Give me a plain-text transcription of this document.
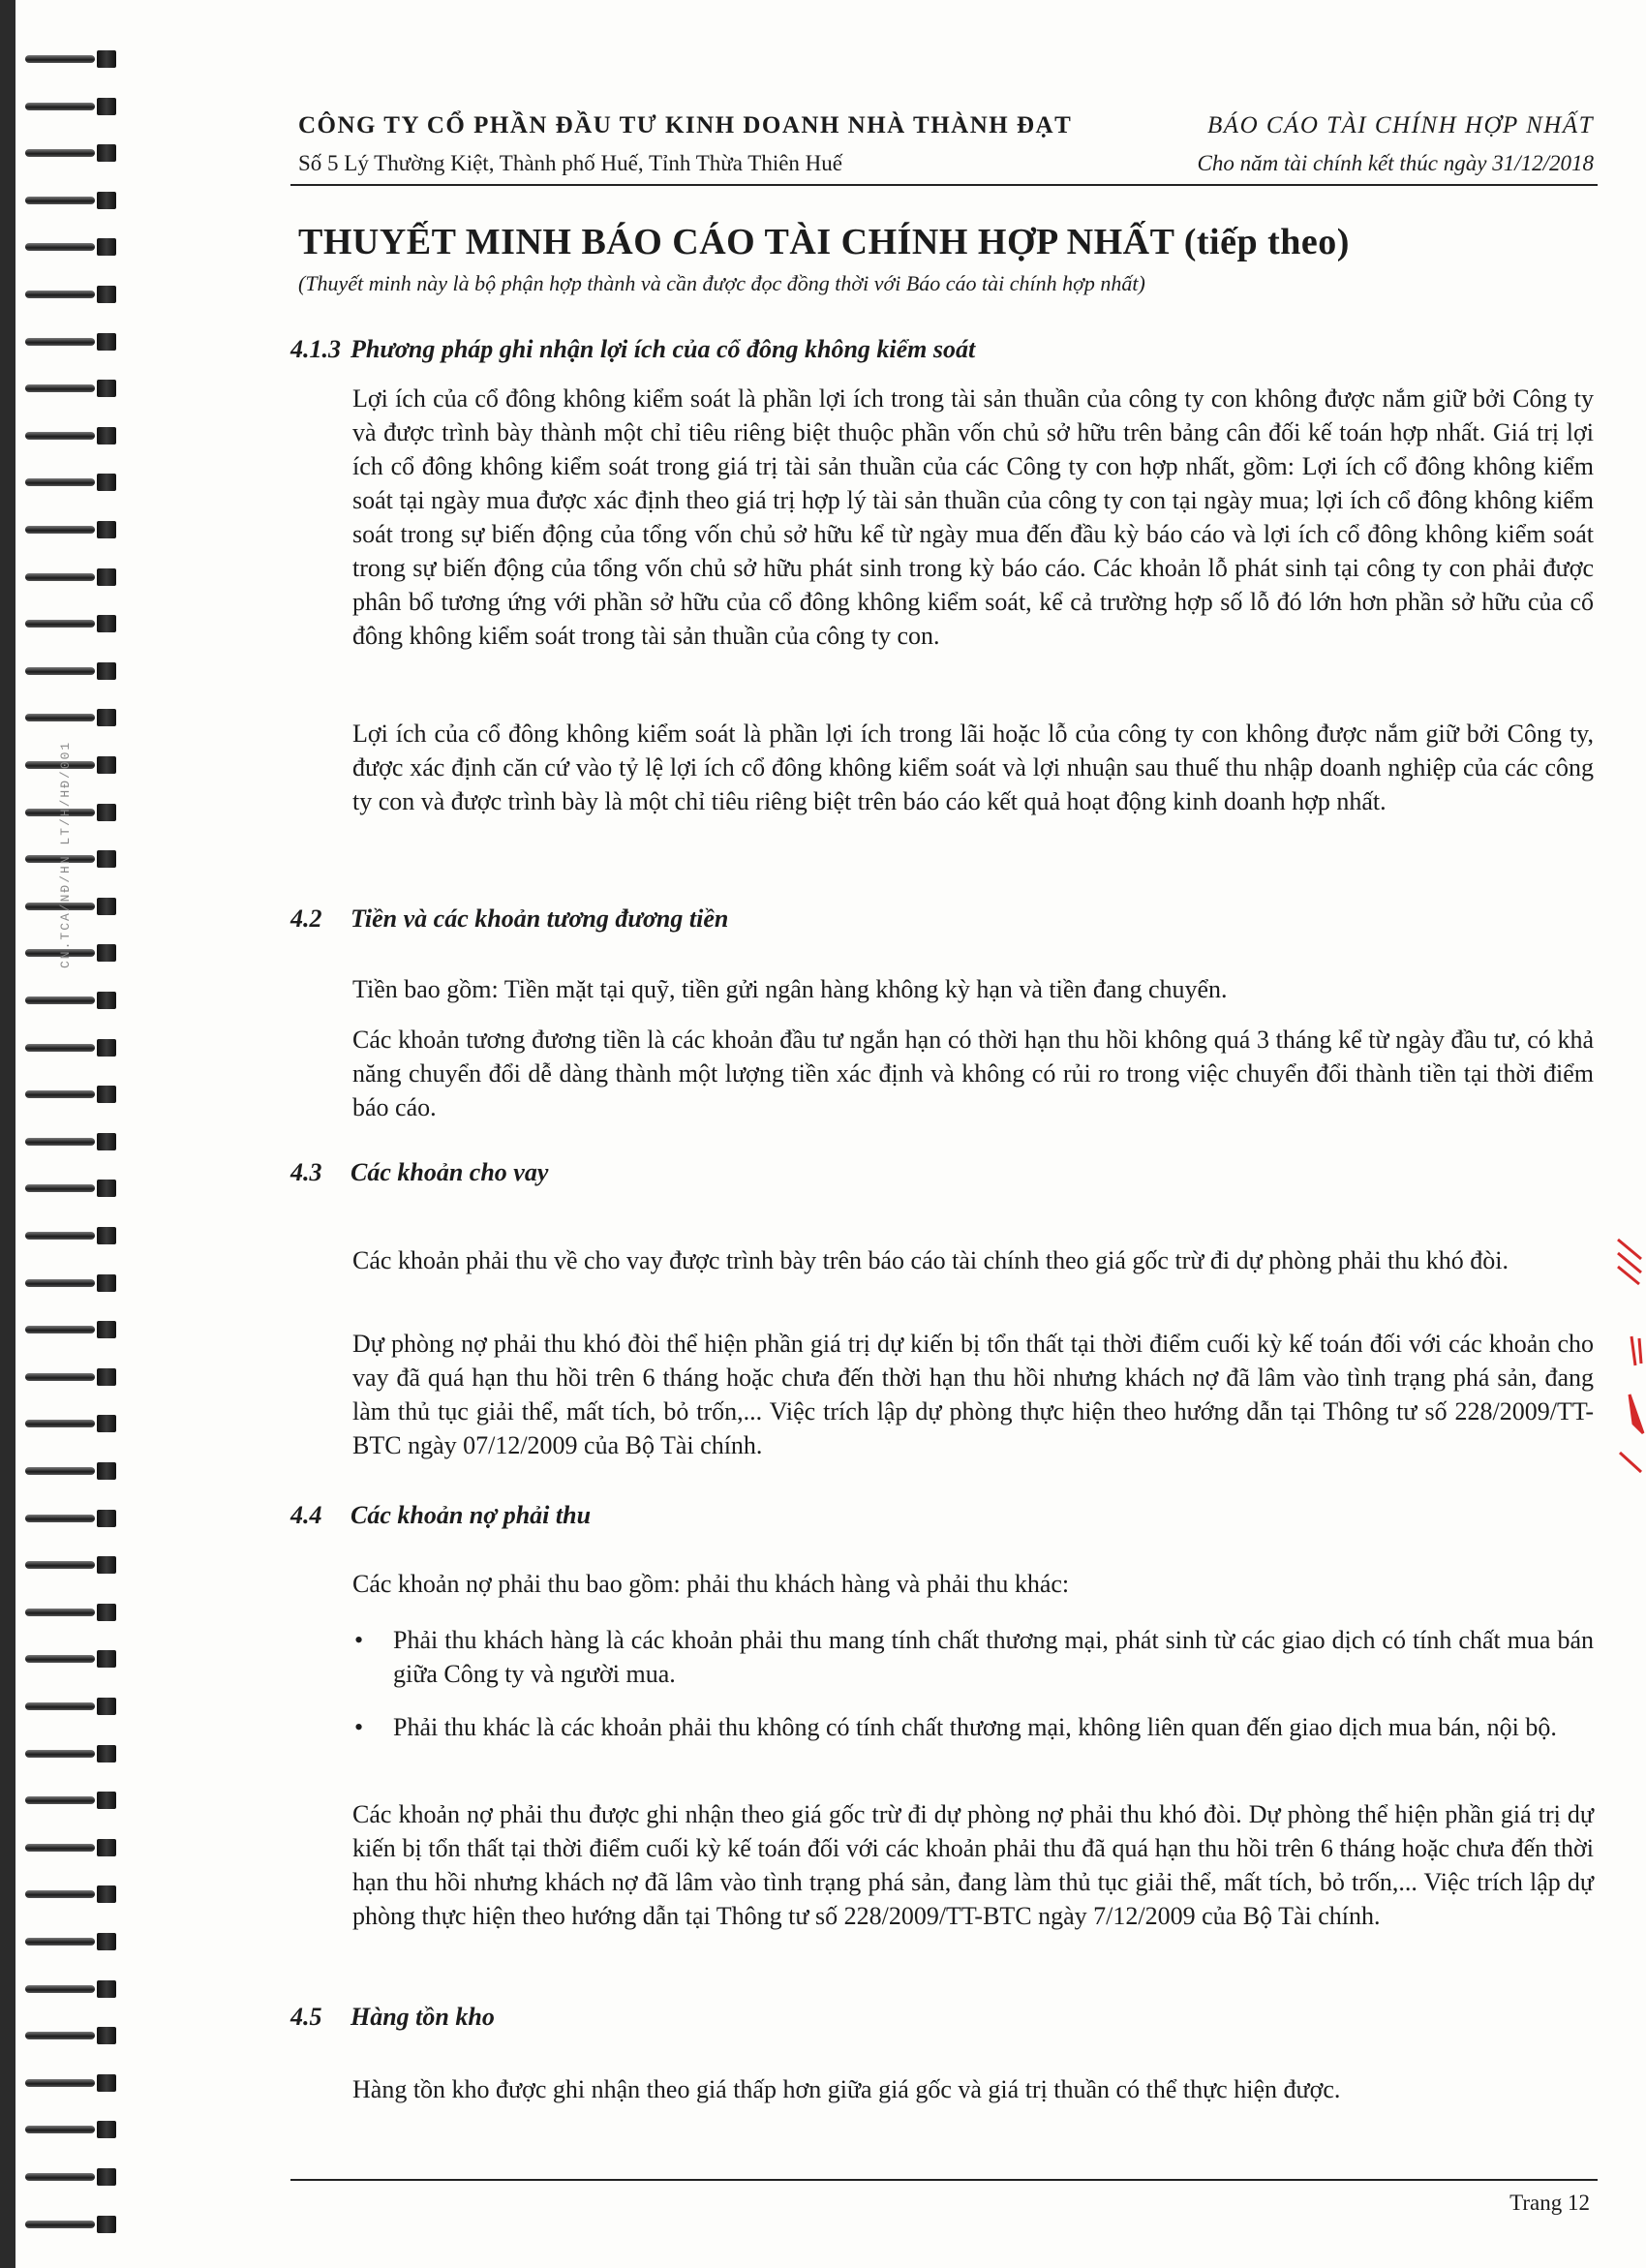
CN.TCA/NĐ/HN LT/H/HĐ/001
CÔNG TY CỔ PHẦN ĐẦU TƯ KINH DOANH NHÀ THÀNH ĐẠT
Số 5 Lý Thường Kiệt, Thành phố Huế, Tỉnh Thừa Thiên Huế
BÁO CÁO TÀI CHÍNH HỢP NHẤT
Cho năm tài chính kết thúc ngày 31/12/2018
THUYẾT MINH BÁO CÁO TÀI CHÍNH HỢP NHẤT (tiếp theo)
(Thuyết minh này là bộ phận hợp thành và cần được đọc đồng thời với Báo cáo tài chính hợp nhất)
4.1.3 Phương pháp ghi nhận lợi ích của cổ đông không kiểm soát
Lợi ích của cổ đông không kiểm soát là phần lợi ích trong tài sản thuần của công ty con không được nắm giữ bởi Công ty và được trình bày thành một chỉ tiêu riêng biệt thuộc phần vốn chủ sở hữu trên bảng cân đối kế toán hợp nhất. Giá trị lợi ích cổ đông không kiểm soát trong giá trị tài sản thuần của các Công ty con hợp nhất, gồm: Lợi ích cổ đông không kiểm soát tại ngày mua được xác định theo giá trị hợp lý tài sản thuần của công ty con tại ngày mua; lợi ích cổ đông không kiểm soát trong sự biến động của tổng vốn chủ sở hữu kể từ ngày mua đến đầu kỳ báo cáo và lợi ích cổ đông không kiểm soát trong sự biến động của tổng vốn chủ sở hữu phát sinh trong kỳ báo cáo. Các khoản lỗ phát sinh tại công ty con phải được phân bổ tương ứng với phần sở hữu của cổ đông không kiểm soát, kể cả trường hợp số lỗ đó lớn hơn phần sở hữu của cổ đông không kiểm soát trong tài sản thuần của công ty con.
Lợi ích của cổ đông không kiểm soát là phần lợi ích trong lãi hoặc lỗ của công ty con không được nắm giữ bởi Công ty, được xác định căn cứ vào tỷ lệ lợi ích cổ đông không kiểm soát và lợi nhuận sau thuế thu nhập doanh nghiệp của các công ty con và được trình bày là một chỉ tiêu riêng biệt trên báo cáo kết quả hoạt động kinh doanh hợp nhất.
4.2 Tiền và các khoản tương đương tiền
Tiền bao gồm: Tiền mặt tại quỹ, tiền gửi ngân hàng không kỳ hạn và tiền đang chuyển.
Các khoản tương đương tiền là các khoản đầu tư ngắn hạn có thời hạn thu hồi không quá 3 tháng kể từ ngày đầu tư, có khả năng chuyển đổi dễ dàng thành một lượng tiền xác định và không có rủi ro trong việc chuyển đổi thành tiền tại thời điểm báo cáo.
4.3 Các khoản cho vay
Các khoản phải thu về cho vay được trình bày trên báo cáo tài chính theo giá gốc trừ đi dự phòng phải thu khó đòi.
Dự phòng nợ phải thu khó đòi thể hiện phần giá trị dự kiến bị tổn thất tại thời điểm cuối kỳ kế toán đối với các khoản cho vay đã quá hạn thu hồi trên 6 tháng hoặc chưa đến thời hạn thu hồi nhưng khách nợ đã lâm vào tình trạng phá sản, đang làm thủ tục giải thể, mất tích, bỏ trốn,... Việc trích lập dự phòng thực hiện theo hướng dẫn tại Thông tư số 228/2009/TT-BTC ngày 07/12/2009 của Bộ Tài chính.
4.4 Các khoản nợ phải thu
Các khoản nợ phải thu bao gồm: phải thu khách hàng và phải thu khác:
• Phải thu khách hàng là các khoản phải thu mang tính chất thương mại, phát sinh từ các giao dịch có tính chất mua bán giữa Công ty và người mua.
• Phải thu khác là các khoản phải thu không có tính chất thương mại, không liên quan đến giao dịch mua bán, nội bộ.
Các khoản nợ phải thu được ghi nhận theo giá gốc trừ đi dự phòng nợ phải thu khó đòi. Dự phòng thể hiện phần giá trị dự kiến bị tổn thất tại thời điểm cuối kỳ kế toán đối với các khoản phải thu đã quá hạn thu hồi trên 6 tháng hoặc chưa đến thời hạn thu hồi nhưng khách nợ đã lâm vào tình trạng phá sản, đang làm thủ tục giải thể, mất tích, bỏ trốn,... Việc trích lập dự phòng thực hiện theo hướng dẫn tại Thông tư số 228/2009/TT-BTC ngày 7/12/2009 của Bộ Tài chính.
4.5 Hàng tồn kho
Hàng tồn kho được ghi nhận theo giá thấp hơn giữa giá gốc và giá trị thuần có thể thực hiện được.
Trang 12
